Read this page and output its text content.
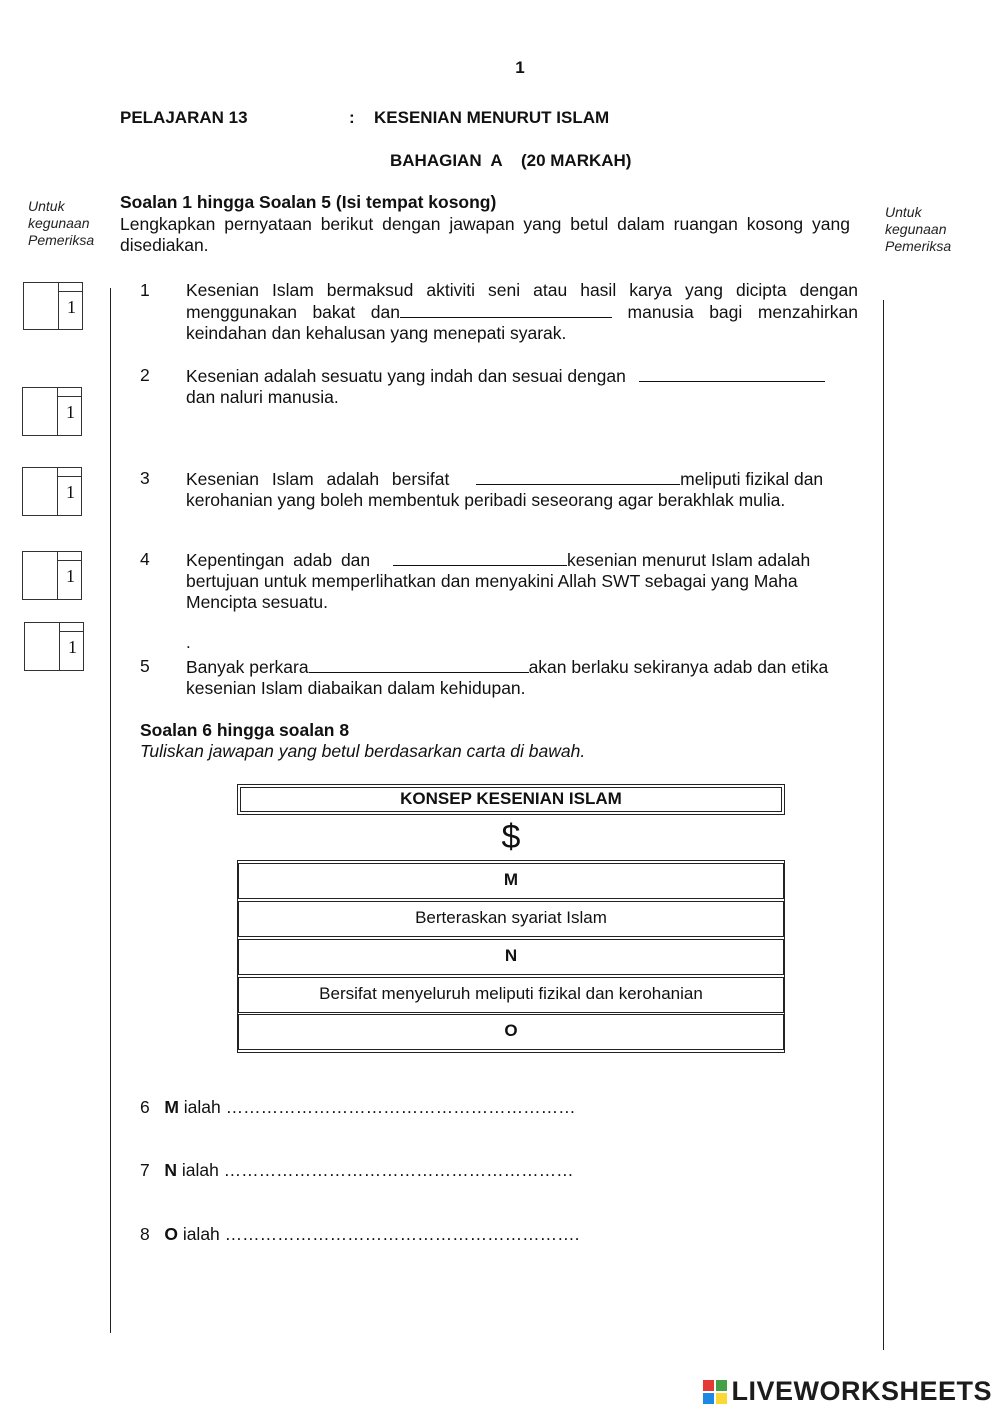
1
PELAJARAN 13	: KESENIAN MENURUT ISLAM
BAHAGIAN  A    (20 MARKAH)
Untuk
kegunaan
Pemeriksa
Untuk
kegunaan
Pemeriksa
Soalan 1 hingga Soalan 5 (Isi tempat kosong)
Lengkapkan pernyataan berikut dengan jawapan yang betul dalam ruangan kosong yang disediakan.
1
1
1
1
1
1 Kesenian Islam bermaksud aktiviti seni atau hasil karya yang dicipta dengan menggunakan bakat dan	manusia bagi menzahirkan keindahan dan kehalusan yang menepati syarak.
2 Kesenian adalah sesuatu yang indah dan sesuai dengan
dan naluri manusia.
3 Kesenian Islam adalah bersifat	meliputi fizikal dan kerohanian yang boleh membentuk peribadi seseorang agar berakhlak mulia.
4 Kepentingan adab dan	kesenian menurut Islam adalah bertujuan untuk memperlihatkan dan menyakini Allah SWT sebagai yang Maha Mencipta sesuatu.
.
5 Banyak perkara	akan berlaku sekiranya adab dan etika kesenian Islam diabaikan dalam kehidupan.
Soalan 6 hingga soalan 8
Tuliskan jawapan yang betul berdasarkan carta di bawah.
KONSEP KESENIAN ISLAM
$
M
Berteraskan syariat Islam
N
Bersifat menyeluruh meliputi fizikal dan kerohanian
O
6 M ialah ……………………………………………………
7 N ialah ……………………………………………………
8 O ialah …………………………………………………….
LIVEWORKSHEETS
